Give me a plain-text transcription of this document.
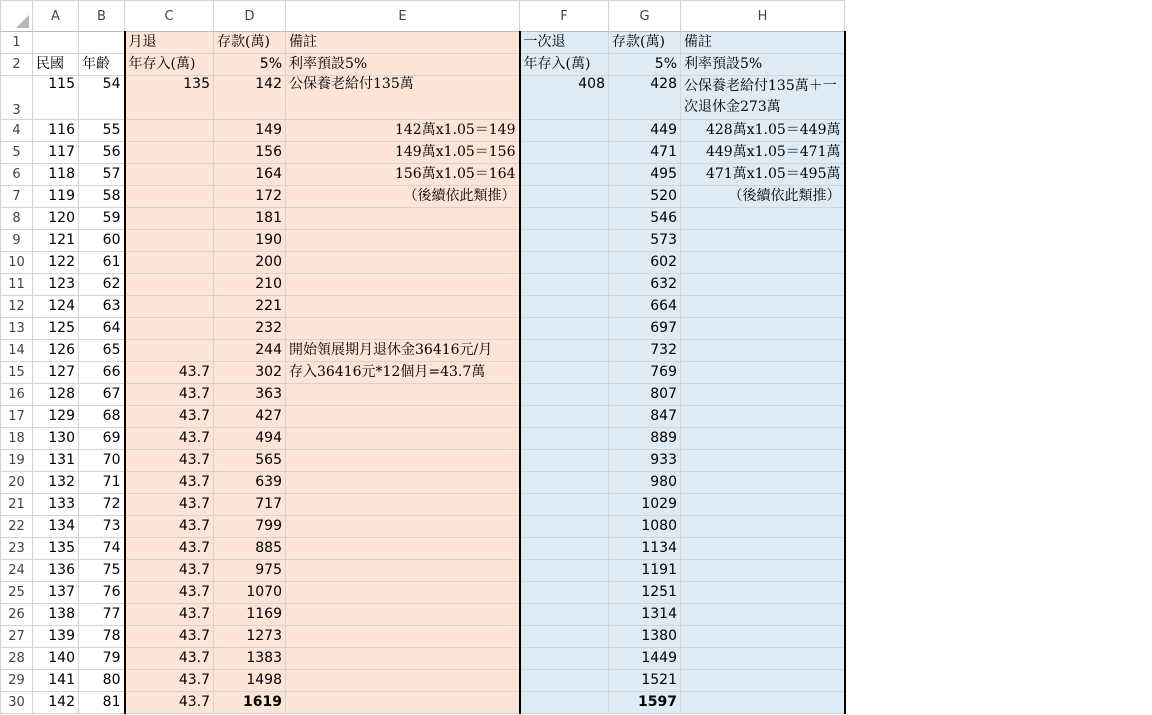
	A	B	C	D	E	F	G	H
1			月退	存款(萬)	備註	一次退	存款(萬)	備註
2	民國	年齡	年存入(萬)	5%	利率預設5%	年存入(萬)	5%	利率預設5%
3	115	54	135	142	公保養老給付135萬	408	428	公保養老給付135萬＋一次退休金273萬
4	116	55		149	142萬x1.05＝149		449	428萬x1.05＝449萬
5	117	56		156	149萬x1.05＝156		471	449萬x1.05＝471萬
6	118	57		164	156萬x1.05＝164		495	471萬x1.05＝495萬
7	119	58		172	（後續依此類推）		520	（後續依此類推）
8	120	59		181			546	
9	121	60		190			573	
10	122	61		200			602	
11	123	62		210			632	
12	124	63		221			664	
13	125	64		232			697	
14	126	65		244	開始領展期月退休金36416元/月		732	
15	127	66	43.7	302	存入36416元*12個月=43.7萬		769	
16	128	67	43.7	363			807	
17	129	68	43.7	427			847	
18	130	69	43.7	494			889	
19	131	70	43.7	565			933	
20	132	71	43.7	639			980	
21	133	72	43.7	717			1029	
22	134	73	43.7	799			1080	
23	135	74	43.7	885			1134	
24	136	75	43.7	975			1191	
25	137	76	43.7	1070			1251	
26	138	77	43.7	1169			1314	
27	139	78	43.7	1273			1380	
28	140	79	43.7	1383			1449	
29	141	80	43.7	1498			1521	
30	142	81	43.7	1619			1597	
